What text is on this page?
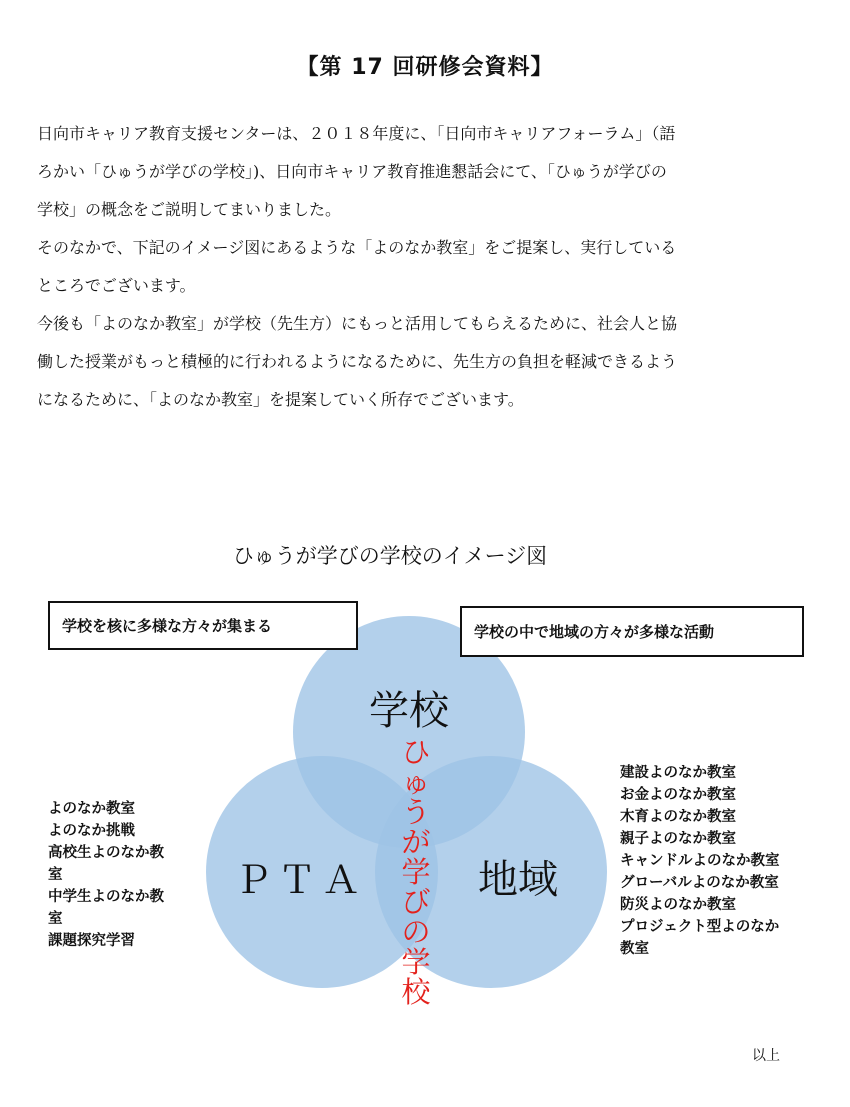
【第 17 回研修会資料】

日向市キャリア教育支援センターは、２０１８年度に、「日向市キャリアフォーラム」（語

ろかい「ひゅうが学びの学校」)、日向市キャリア教育推進懇話会にて、「ひゅうが学びの

学校」の概念をご説明してまいりました。

そのなかで、下記のイメージ図にあるような「よのなか教室」をご提案し、実行している

ところでございます。

今後も「よのなか教室」が学校（先生方）にもっと活用してもらえるために、社会人と協

働した授業がもっと積極的に行われるようになるために、先生方の負担を軽減できるよう

になるために、「よのなか教室」を提案していく所存でございます。

ひゅうが学びの学校のイメージ図
学校
ＰＴＡ	地域
ひ
ゅ
う
が
学
び
の
学
校
学校を核に多様な方々が集まる	学校の中で地域の方々が多様な活動
よのなか教室
よのなか挑戦
高校生よのなか教
室
中学生よのなか教
室
課題探究学習
建設よのなか教室
お金よのなか教室
木育よのなか教室
親子よのなか教室
キャンドルよのなか教室
グローバルよのなか教室
防災よのなか教室
プロジェクト型よのなか
教室
以上
